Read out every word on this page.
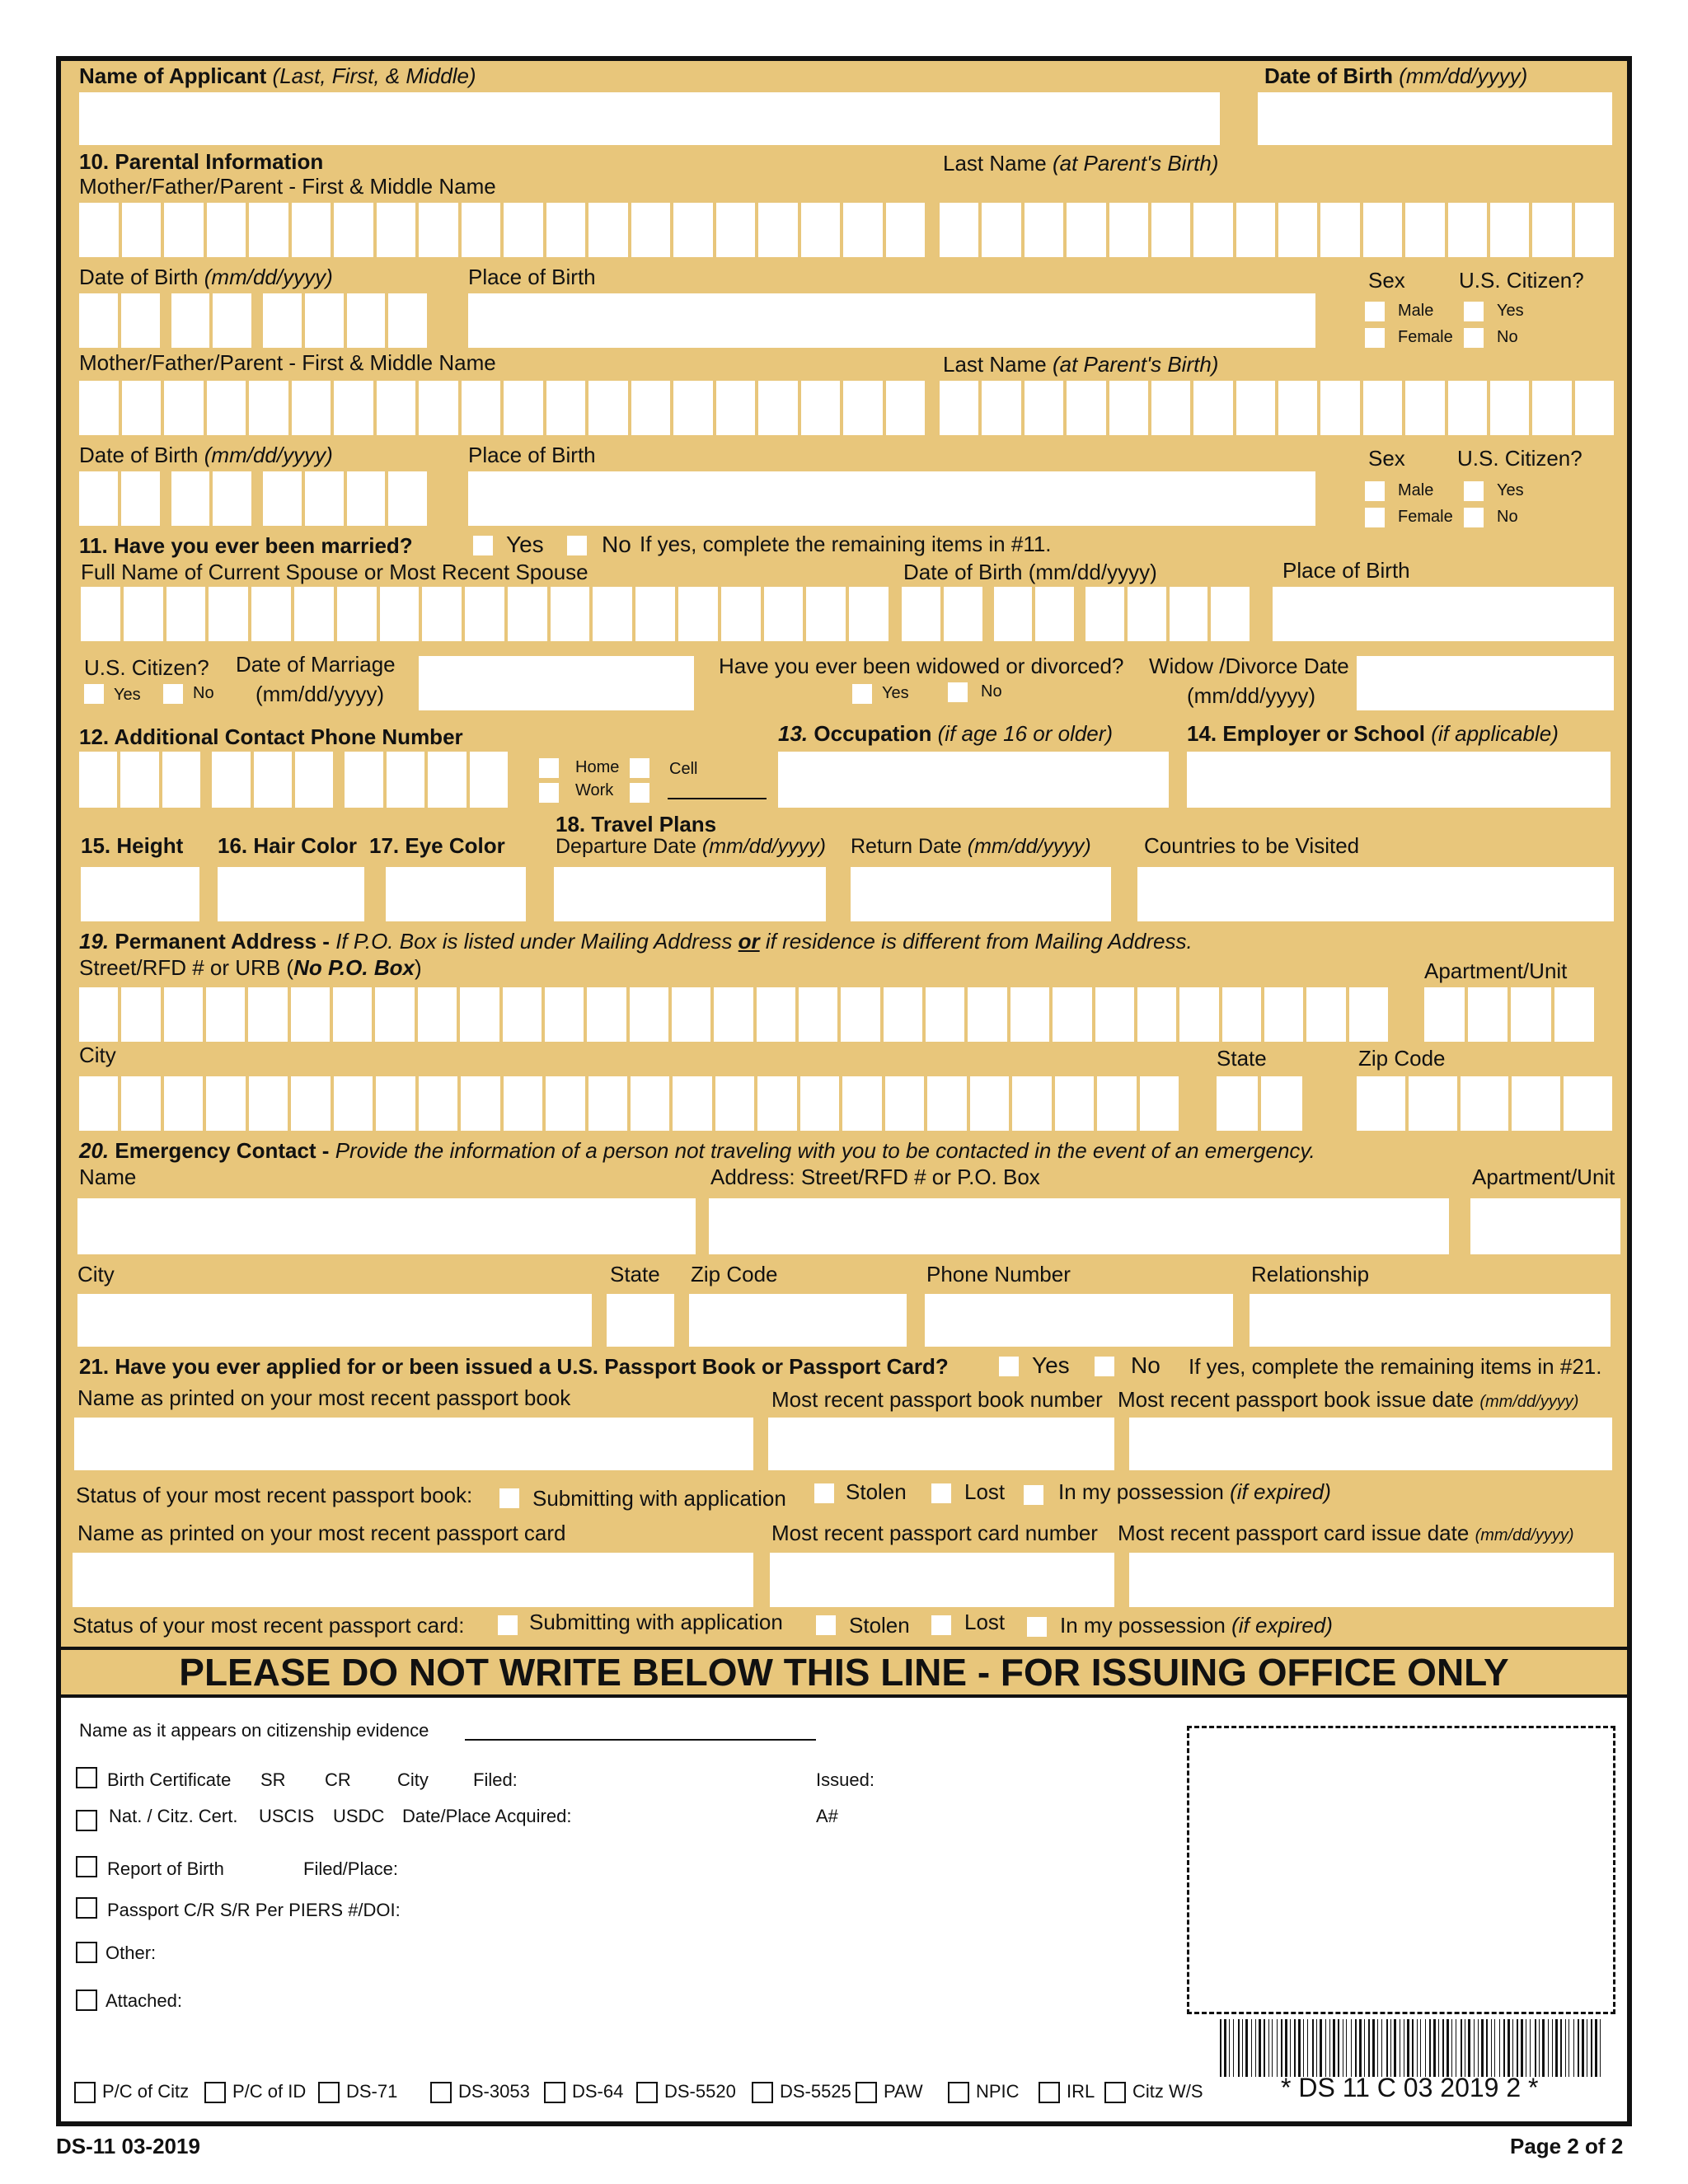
Name of Applicant (Last, First, & Middle)	Date of Birth (mm/dd/yyyy)
10. Parental Information
Mother/Father/Parent - First & Middle Name
Last Name (at Parent's Birth)
Date of Birth (mm/dd/yyyy)	Place of Birth	Sex	U.S. Citizen?
Male	Yes
Female	No
Mother/Father/Parent - First & Middle Name	Last Name (at Parent's Birth)
Date of Birth (mm/dd/yyyy)	Place of Birth	Sex U.S. Citizen?
Male	Yes
Female	No
11. Have you ever been married?	Yes	No If yes, complete the remaining items in #11.
Full Name of Current Spouse or Most Recent Spouse	Date of Birth (mm/dd/yyyy)	Place of Birth
U.S. Citizen?
Yes	No
Date of Marriage
(mm/dd/yyyy)
Have you ever been widowed or divorced?
Yes	No
Widow /Divorce Date
(mm/dd/yyyy)
12. Additional Contact Phone Number
Home	Cell
Work
13. Occupation (if age 16 or older)	14. Employer or School (if applicable)
15. Height 16. Hair Color 17. Eye Color
18. Travel Plans
Departure Date (mm/dd/yyyy) Return Date (mm/dd/yyyy) Countries to be Visited
19. Permanent Address - If P.O. Box is listed under Mailing Address or if residence is different from Mailing Address.
Street/RFD # or URB (No P.O. Box)	Apartment/Unit
City	State	Zip Code
20. Emergency Contact - Provide the information of a person not traveling with you to be contacted in the event of an emergency.
Name	Address: Street/RFD # or P.O. Box	Apartment/Unit
City	State Zip Code	Phone Number	Relationship
21. Have you ever applied for or been issued a U.S. Passport Book or Passport Card?	Yes	No If yes, complete the remaining items in #21.
Name as printed on your most recent passport book	Most recent passport book number Most recent passport book issue date (mm/dd/yyyy)
Status of your most recent passport book:	Submitting with application	Stolen	Lost In my possession (if expired)
Name as printed on your most recent passport card	Most recent passport card number Most recent passport card issue date (mm/dd/yyyy)
Status of your most recent passport card:	Submitting with application	Stolen	Lost	In my possession (if expired)
PLEASE DO NOT WRITE BELOW THIS LINE - FOR ISSUING OFFICE ONLY
Name as it appears on citizenship evidence
Birth Certificate SR CR	City Filed:	Issued:
Nat. / Citz. Cert. USCIS USDC Date/Place Acquired:	A#
Report of Birth	Filed/Place:
Passport C/R S/R Per PIERS #/DOI:
Other:
Attached:
* DS 11 C 03 2019 2 *
P/C of Citz P/C of ID DS-71	DS-3053 DS-64 DS-5520 DS-5525 PAW	NPIC	IRL Citz W/S
DS-11 03-2019	Page 2 of 2
